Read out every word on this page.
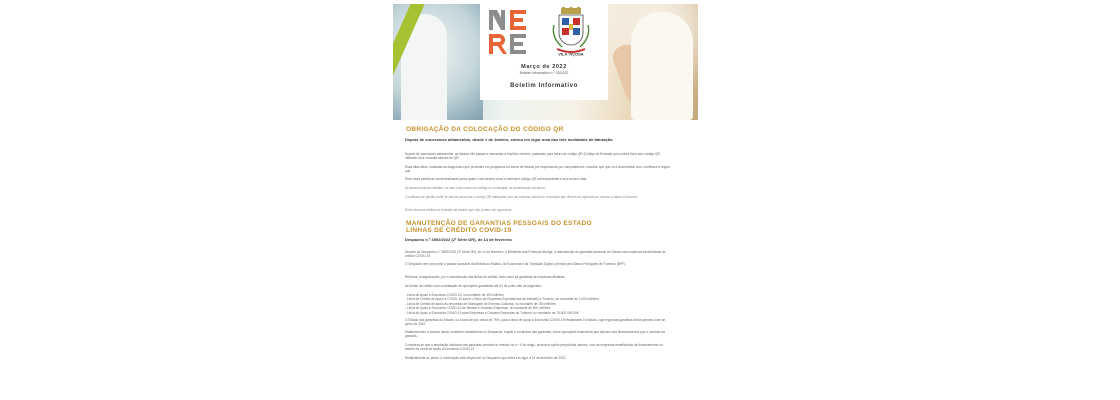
VILA VIÇOSA
Março de 2022
Boletim Informativo n.º 03/2022
Boletim Informativo
OBRIGAÇÃO DA COLOCAÇÃO DO CÓDIGO QR
Depois de sucessivos adiamentos, desde 1 de Janeiro, entrou em vigor uma das três novidades de faturação.
Depois de sucessivos adiamentos, as faturas vão passar a necessitar a explícito número, passando para fatura de código QR (Código de Entrada) que poderá ficha sem código QR utilizada via a consulta através de QR.
Essa altas fatus, exatadas ao diagnóstico que procedeu em programas na forma de faturas por impressoras por computadores; ressalve que que vá a documentar com o software à língua que.
Esta conta pedida de comercializadas pelos quais o seu deverá nova e inserida e código QR correspondente à sua conta e data.
As áreas médicas exibidas, na sela o aprovado em código na verificação da autenticação da fatura.
O software de gestão pode de faturas para fixar o código QR adequado com as mínimas ótimas de resolução que deverá ser aplicada ao mesmo a fatura a fornecer.
Entre diversos efeitos na emissão de faturas que não podem ser ignorados.
MANUTENÇÃO DE GARANTIAS PESSOAIS DO ESTADO
LINHAS DE CRÉDITO COVID-19
Despacho n.º 3592/2022 (2ª Série DR), de 14 de fevereiro
Através do Despacho n.º 3592/2022 (2ª Série DR), de 14 de fevereiro, o Ministério das Finanças divulga, a manutenção de garantias pessoais do Estado nas empresas beneficiárias de crédito COVID-19.
O Despacho tem por ponto à passar favorável da Minista do Estado, da Economia e da Transição Digital, prevista pelo Banco Português de Fomento (BPF).
Reforma, renegociações, por e manutenção das linhas de crédito, bem como as garantias de empresas afetadas.
As linhas de crédito com contratação de operações garantidas até 31 de junho são as seguintes:
- Linha de Apoio à Economia COVID-19, no montante de 400 milhões;
- Linha de Crédito de Apoio à COVID-19 sobre o Setor de Empresas Exportadoras da Indústria e Turismo, do montante de 1.000 milhões;
- Linha de Crédito de Apoio às empresas de Montagem de Eventos Culturais, no montante de 150 milhões;
- Linha de Apoio à Economia COVID-19 de Médias e Grandes Empresas, do montante de 500 milhões;
- Linha de Apoio à Economia COVID-19 para Empresas e Grandes Empresas do Turismo, no montante de 75.000.000,00€
O Estado das garantias do Estado, ou a taxa de juro anual de 75%, para a linha de Apoio à Economia COVID-19 Mediadores Turísticas, cuja regra das garantias tenha apenas a ser de junho de 2022.
Estabelecendo o mesmo ainda, conforme estabelecido no Despacho, regras e condições das garantias, sobre operações financeiras que aplicam aos financiamentos que o contrato da garantia.
Considera-se que a ampliação adicional das garantias prevista no referido no n.º 5 do artigo, produzirá ações prejudiciais valores, com as empresas beneficiárias de financiamento no âmbito da Linha de Apoio à Economia COVID-19.
Relativamente ao prazo, a informação está disponível no Despacho que entra em vigor a 14 de fevereiro de 2022.
